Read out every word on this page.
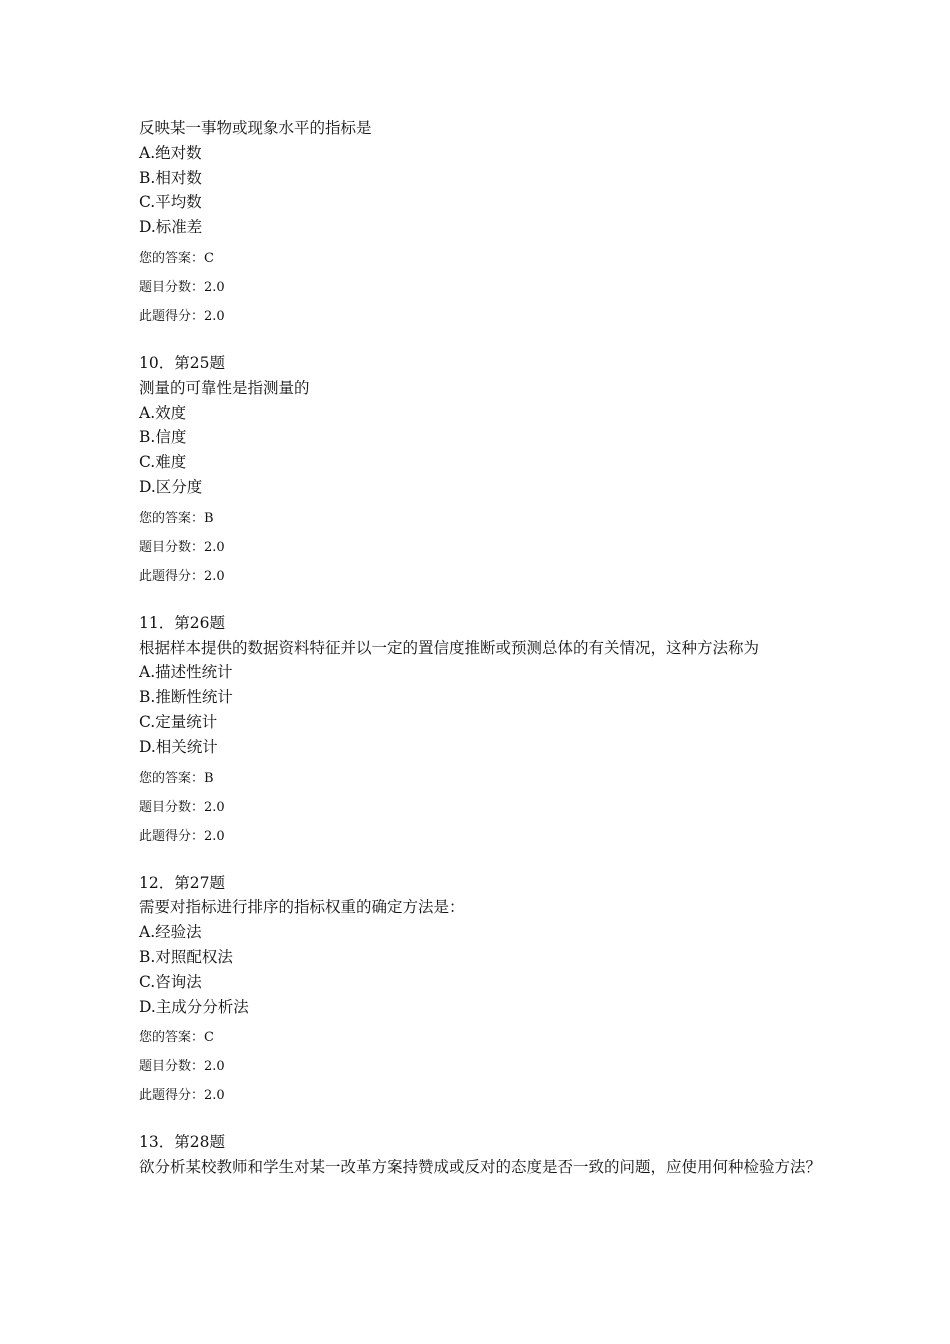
反映某一事物或现象水平的指标是
A.绝对数
B.相对数
C.平均数
D.标准差
您的答案：C
题目分数：2.0
此题得分：2.0
10．第25题
测量的可靠性是指测量的
A.效度
B.信度
C.难度
D.区分度
您的答案：B
题目分数：2.0
此题得分：2.0
11．第26题
根据样本提供的数据资料特征并以一定的置信度推断或预测总体的有关情况，这种方法称为
A.描述性统计
B.推断性统计
C.定量统计
D.相关统计
您的答案：B
题目分数：2.0
此题得分：2.0
12．第27题
需要对指标进行排序的指标权重的确定方法是：
A.经验法
B.对照配权法
C.咨询法
D.主成分分析法
您的答案：C
题目分数：2.0
此题得分：2.0
13．第28题
欲分析某校教师和学生对某一改革方案持赞成或反对的态度是否一致的问题，应使用何种检验方法？
